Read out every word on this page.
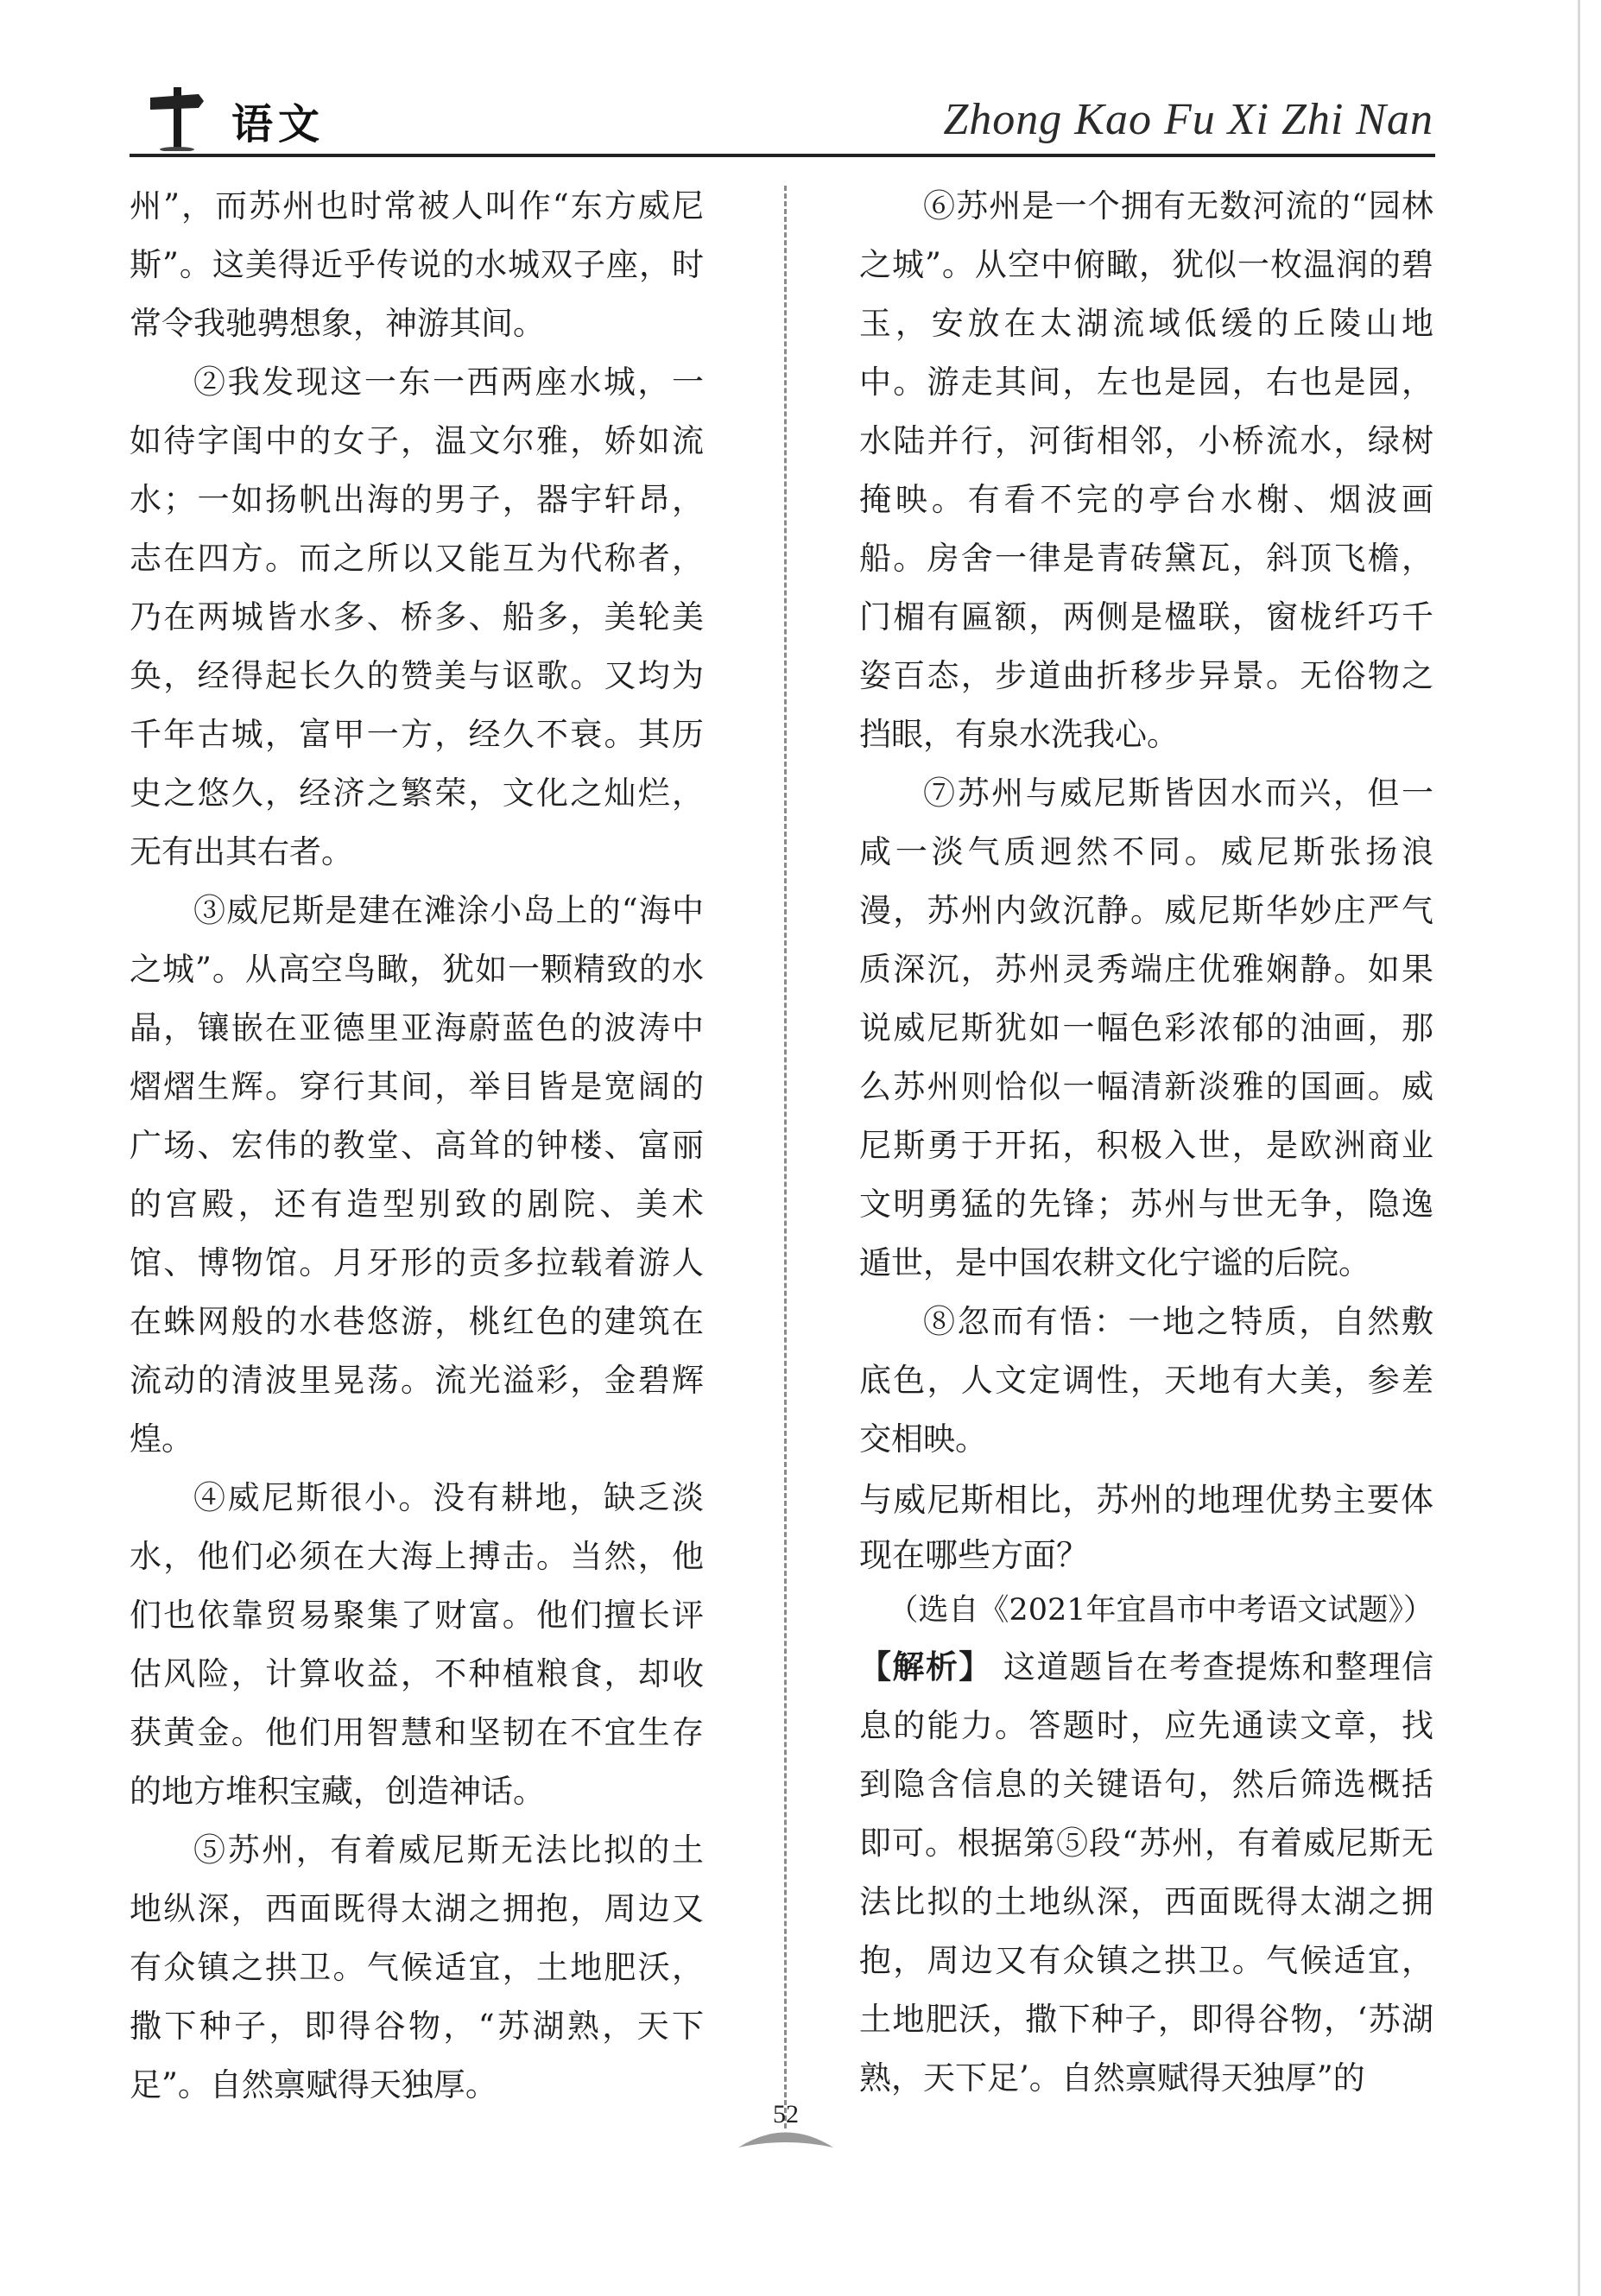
语文	Zhong Kao Fu Xi Zhi Nan

州”，而苏州也时常被人叫作“东方威尼斯”。这美得近乎传说的水城双子座，时常令我驰骋想象，神游其间。

②我发现这一东一西两座水城，一如待字闺中的女子，温文尔雅，娇如流水；一如扬帆出海的男子，器宇轩昂，志在四方。而之所以又能互为代称者，乃在两城皆水多、桥多、船多，美轮美奂，经得起长久的赞美与讴歌。又均为千年古城，富甲一方，经久不衰。其历史之悠久，经济之繁荣，文化之灿烂，无有出其右者。

③威尼斯是建在滩涂小岛上的“海中之城”。从高空鸟瞰，犹如一颗精致的水晶，镶嵌在亚德里亚海蔚蓝色的波涛中熠熠生辉。穿行其间，举目皆是宽阔的广场、宏伟的教堂、高耸的钟楼、富丽的宫殿，还有造型别致的剧院、美术馆、博物馆。月牙形的贡多拉载着游人在蛛网般的水巷悠游，桃红色的建筑在流动的清波里晃荡。流光溢彩，金碧辉煌。

④威尼斯很小。没有耕地，缺乏淡水，他们必须在大海上搏击。当然，他们也依靠贸易聚集了财富。他们擅长评估风险，计算收益，不种植粮食，却收获黄金。他们用智慧和坚韧在不宜生存的地方堆积宝藏，创造神话。

⑤苏州，有着威尼斯无法比拟的土地纵深，西面既得太湖之拥抱，周边又有众镇之拱卫。气候适宜，土地肥沃，撒下种子，即得谷物，“苏湖熟，天下足”。自然禀赋得天独厚。

⑥苏州是一个拥有无数河流的“园林之城”。从空中俯瞰，犹似一枚温润的碧玉，安放在太湖流域低缓的丘陵山地中。游走其间，左也是园，右也是园，水陆并行，河街相邻，小桥流水，绿树掩映。有看不完的亭台水榭、烟波画船。房舍一律是青砖黛瓦，斜顶飞檐，门楣有匾额，两侧是楹联，窗栊纤巧千姿百态，步道曲折移步异景。无俗物之挡眼，有泉水洗我心。

⑦苏州与威尼斯皆因水而兴，但一咸一淡气质迥然不同。威尼斯张扬浪漫，苏州内敛沉静。威尼斯华妙庄严气质深沉，苏州灵秀端庄优雅娴静。如果说威尼斯犹如一幅色彩浓郁的油画，那么苏州则恰似一幅清新淡雅的国画。威尼斯勇于开拓，积极入世，是欧洲商业文明勇猛的先锋；苏州与世无争，隐逸遁世，是中国农耕文化宁谧的后院。

⑧忽而有悟：一地之特质，自然敷底色，人文定调性，天地有大美，参差交相映。

与威尼斯相比，苏州的地理优势主要体现在哪些方面？

（选自《2021年宜昌市中考语文试题》）

【解析】 这道题旨在考查提炼和整理信息的能力。答题时，应先通读文章，找到隐含信息的关键语句，然后筛选概括即可。根据第⑤段“苏州，有着威尼斯无法比拟的土地纵深，西面既得太湖之拥抱，周边又有众镇之拱卫。气候适宜，土地肥沃，撒下种子，即得谷物，‘苏湖熟，天下足’。自然禀赋得天独厚”的

52
